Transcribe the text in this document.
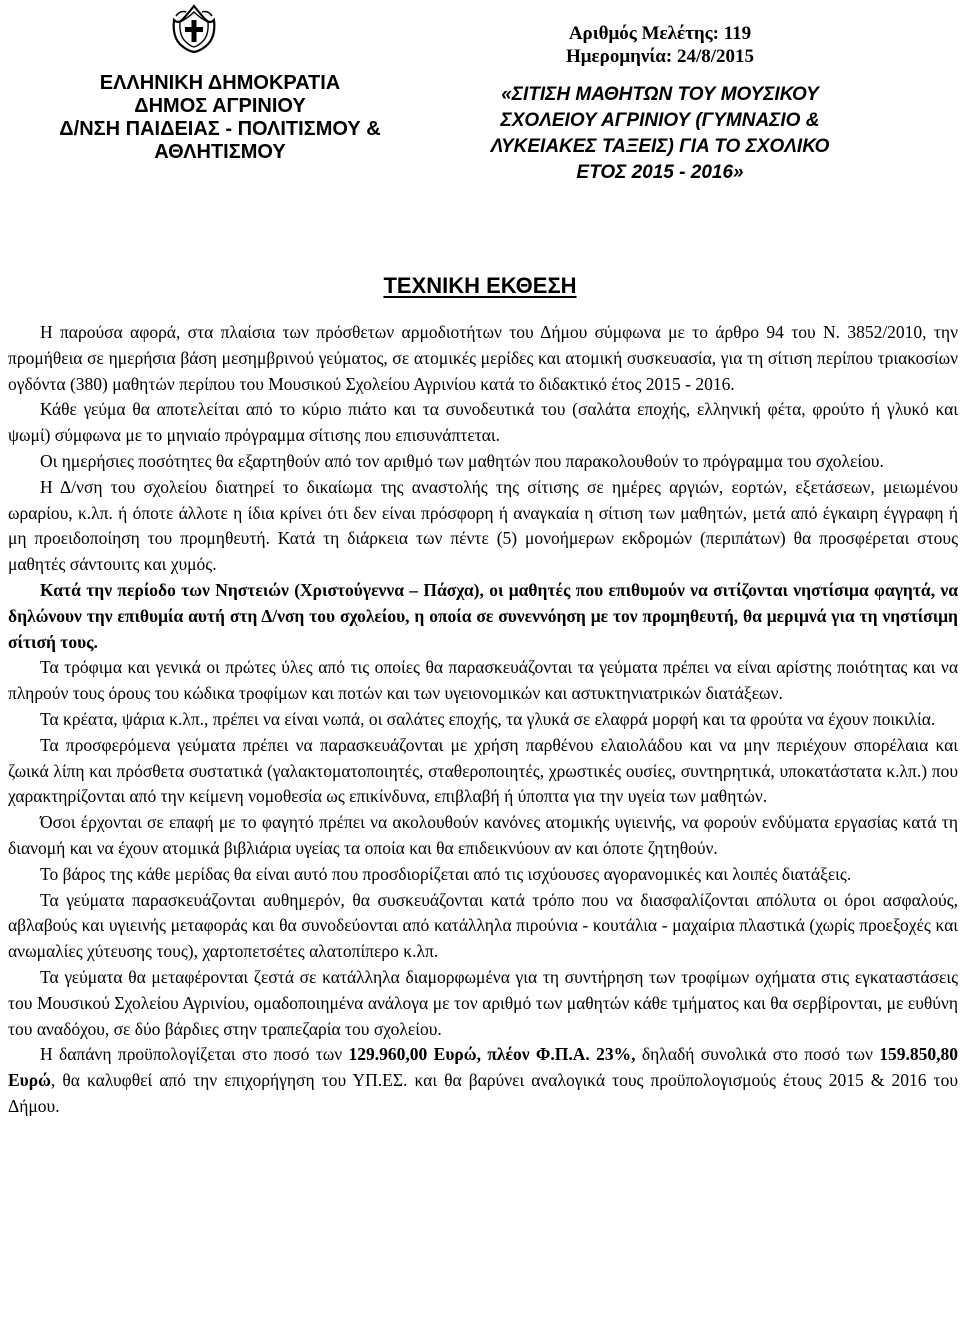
ΕΛΛΗΝΙΚΗ ΔΗΜΟΚΡΑΤΙΑ
ΔΗΜΟΣ ΑΓΡΙΝΙΟΥ
Δ/ΝΣΗ ΠΑΙΔΕΙΑΣ - ΠΟΛΙΤΙΣΜΟΥ &
ΑΘΛΗΤΙΣΜΟΥ
Αριθμός Μελέτης: 119
Ημερομηνία: 24/8/2015
«ΣΙΤΙΣΗ ΜΑΘΗΤΩΝ ΤΟΥ ΜΟΥΣΙΚΟΥ
ΣΧΟΛΕΙΟΥ ΑΓΡΙΝΙΟΥ (ΓΥΜΝΑΣΙΟ &
ΛΥΚΕΙΑΚΕΣ ΤΑΞΕΙΣ) ΓΙΑ ΤΟ ΣΧΟΛΙΚΟ
ΕΤΟΣ 2015 - 2016»
ΤΕΧΝΙΚΗ ΕΚΘΕΣΗ

Η παρούσα αφορά, στα πλαίσια των πρόσθετων αρμοδιοτήτων του Δήμου σύμφωνα με το άρθρο 94 του Ν. 3852/2010, την προμήθεια σε ημερήσια βάση μεσημβρινού γεύματος, σε ατομικές μερίδες και ατομική συσκευασία, για τη σίτιση περίπου τριακοσίων ογδόντα (380) μαθητών περίπου του Μουσικού Σχολείου Αγρινίου κατά το διδακτικό έτος 2015 - 2016.

Κάθε γεύμα θα αποτελείται από το κύριο πιάτο και τα συνοδευτικά του (σαλάτα εποχής, ελληνική φέτα, φρούτο ή γλυκό και ψωμί) σύμφωνα με το μηνιαίο πρόγραμμα σίτισης που επισυνάπτεται.

Οι ημερήσιες ποσότητες θα εξαρτηθούν από τον αριθμό των μαθητών που παρακολουθούν το πρόγραμμα του σχολείου.

Η Δ/νση του σχολείου διατηρεί το δικαίωμα της αναστολής της σίτισης σε ημέρες αργιών, εορτών, εξετάσεων, μειωμένου ωραρίου, κ.λπ. ή όποτε άλλοτε η ίδια κρίνει ότι δεν είναι πρόσφορη ή αναγκαία η σίτιση των μαθητών, μετά από έγκαιρη έγγραφη ή μη προειδοποίηση του προμηθευτή. Κατά τη διάρκεια των πέντε (5) μονοήμερων εκδρομών (περιπάτων) θα προσφέρεται στους μαθητές σάντουιτς και χυμός.

Κατά την περίοδο των Νηστειών (Χριστούγεννα – Πάσχα), οι μαθητές που επιθυμούν να σιτίζονται νηστίσιμα φαγητά, να δηλώνουν την επιθυμία αυτή στη Δ/νση του σχολείου, η οποία σε συνεννόηση με τον προμηθευτή, θα μεριμνά για τη νηστίσιμη σίτισή τους.

Τα τρόφιμα και γενικά οι πρώτες ύλες από τις οποίες θα παρασκευάζονται τα γεύματα πρέπει να είναι αρίστης ποιότητας και να πληρούν τους όρους του κώδικα τροφίμων και ποτών και των υγειονομικών και αστυκτηνιατρικών διατάξεων.

Τα κρέατα, ψάρια κ.λπ., πρέπει να είναι νωπά, οι σαλάτες εποχής, τα γλυκά σε ελαφρά μορφή και τα φρούτα να έχουν ποικιλία.

Τα προσφερόμενα γεύματα πρέπει να παρασκευάζονται με χρήση παρθένου ελαιολάδου και να μην περιέχουν σπορέλαια και ζωικά λίπη και πρόσθετα συστατικά (γαλακτοματοποιητές, σταθεροποιητές, χρωστικές ουσίες, συντηρητικά, υποκατάστατα κ.λπ.) που χαρακτηρίζονται από την κείμενη νομοθεσία ως επικίνδυνα, επιβλαβή ή ύποπτα για την υγεία των μαθητών.

Όσοι έρχονται σε επαφή με το φαγητό πρέπει να ακολουθούν κανόνες ατομικής υγιεινής, να φορούν ενδύματα εργασίας κατά τη διανομή και να έχουν ατομικά βιβλιάρια υγείας τα οποία και θα επιδεικνύουν αν και όποτε ζητηθούν.

Το βάρος της κάθε μερίδας θα είναι αυτό που προσδιορίζεται από τις ισχύουσες αγορανομικές και λοιπές διατάξεις.

Τα γεύματα παρασκευάζονται αυθημερόν, θα συσκευάζονται κατά τρόπο που να διασφαλίζονται απόλυτα οι όροι ασφαλούς, αβλαβούς και υγιεινής μεταφοράς και θα συνοδεύονται από κατάλληλα πιρούνια - κουτάλια - μαχαίρια πλαστικά (χωρίς προεξοχές και ανωμαλίες χύτευσης τους), χαρτοπετσέτες αλατοπίπερο κ.λπ.

Τα γεύματα θα μεταφέρονται ζεστά σε κατάλληλα διαμορφωμένα για τη συντήρηση των τροφίμων οχήματα στις εγκαταστάσεις του Μουσικού Σχολείου Αγρινίου, ομαδοποιημένα ανάλογα με τον αριθμό των μαθητών κάθε τμήματος και θα σερβίρονται, με ευθύνη του αναδόχου, σε δύο βάρδιες στην τραπεζαρία του σχολείου.

Η δαπάνη προϋπολογίζεται στο ποσό των 129.960,00 Ευρώ, πλέον Φ.Π.Α. 23%, δηλαδή συνολικά στο ποσό των 159.850,80 Ευρώ, θα καλυφθεί από την επιχορήγηση του ΥΠ.ΕΣ. και θα βαρύνει αναλογικά τους προϋπολογισμούς έτους 2015 & 2016 του Δήμου.
